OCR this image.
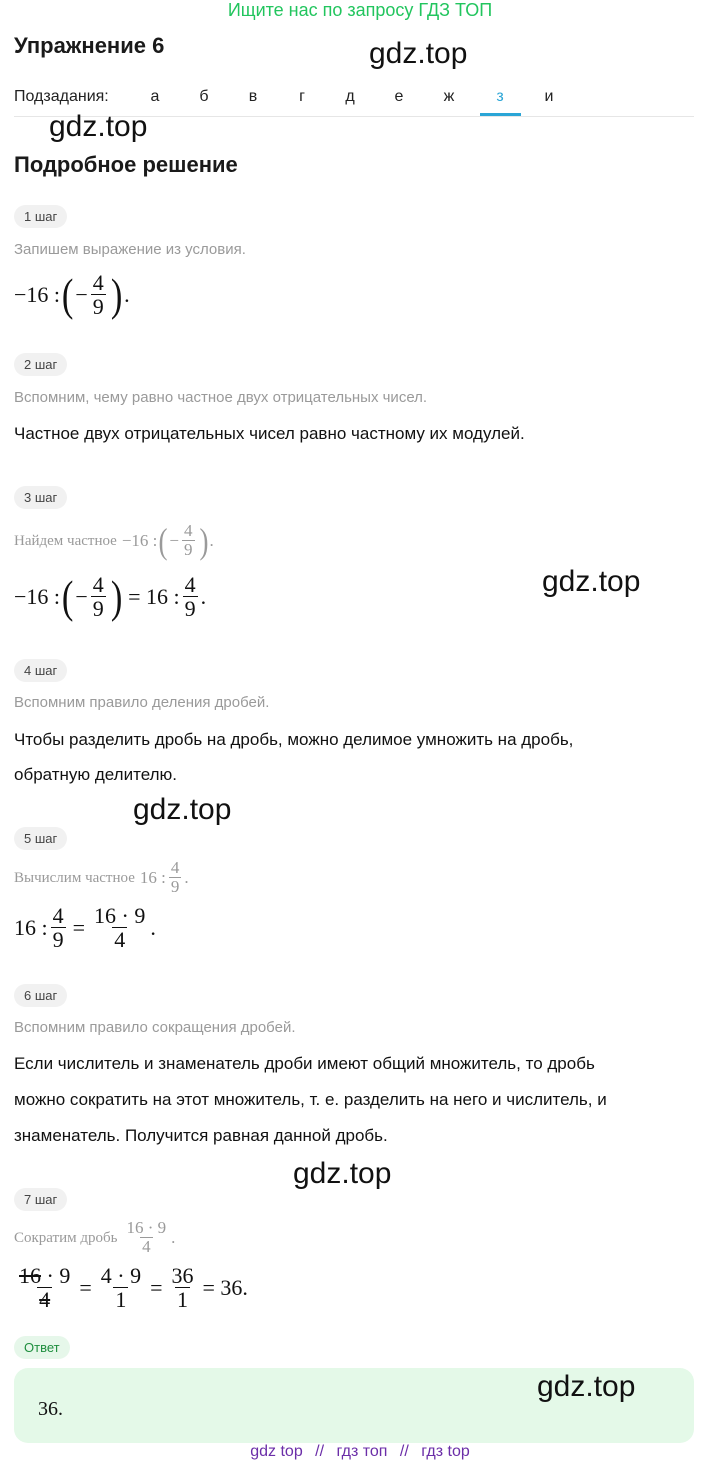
Ищите нас по запросу ГДЗ ТОП
Упражнение 6	gdz.top
Подзадания:	а	б	в	г	д	е	ж	з	и
gdz.top
Подробное решение
1 шаг
Запишем выражение из условия.
−16 : ( − $\frac{4}{9}$ ) .
2 шаг
Вспомним, чему равно частное двух отрицательных чисел.
Частное двух отрицательных чисел равно частному их модулей.
3 шаг
Найдем частное −16 : ( − $\frac{4}{9}$ ) .
−16 : ( − $\frac{4}{9}$ ) = 16 : $\frac{4}{9}$ .	gdz.top
4 шаг
Вспомним правило деления дробей.
Чтобы разделить дробь на дробь, можно делимое умножить на дробь,
обратную делителю.
gdz.top
5 шаг
Вычислим частное 16 : $\frac{4}{9}$ .
16 : $\frac{4}{9} = \frac{16 \cdot 9}{4}$ .
6 шаг
Вспомним правило сокращения дробей.
Если числитель и знаменатель дроби имеют общий множитель, то дробь
можно сократить на этот множитель, т. е. разделить на него и числитель, и
знаменатель. Получится равная данной дробь.
gdz.top
7 шаг
Сократим дробь $\frac{16 \cdot 9}{4}$ .
$\frac{16 \cdot 9}{4} = \frac{4 \cdot 9}{1} = \frac{36}{1} = 36$.
Ответ
36.
gdz.top
gdz top // гдз топ // гдз top
